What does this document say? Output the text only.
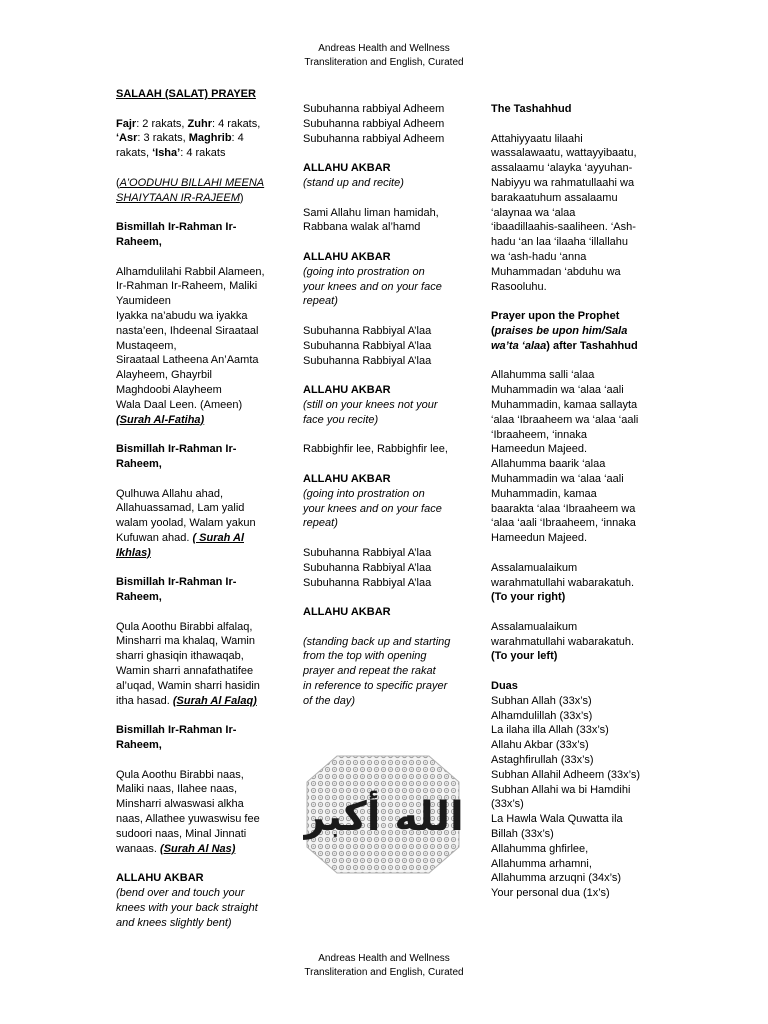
Andreas Health and Wellness
Transliteration and English, Curated
SALAAH (SALAT) PRAYER
Fajr: 2 rakats, Zuhr: 4 rakats,
‘Asr: 3 rakats, Maghrib: 4
rakats, ‘Isha’: 4 rakats
(A’OODUHU BILLAHI MEENA
SHAIYTAAN IR-RAJEEM)
Bismillah Ir-Rahman Ir-
Raheem,
Alhamdulilahi Rabbil Alameen,
Ir-Rahman Ir-Raheem, Maliki
Yaumideen
Iyakka na’abudu wa iyakka
nasta’een, Ihdeenal Siraataal
Mustaqeem,
Siraataal Latheena An’Aamta
Alayheem, Ghayrbil
Maghdoobi Alayheem
Wala Daal Leen. (Ameen)
(Surah Al-Fatiha)
Bismillah Ir-Rahman Ir-
Raheem,
Qulhuwa Allahu ahad,
Allahuassamad, Lam yalid
walam yoolad, Walam yakun
Kufuwan ahad. ( Surah Al
Ikhlas)
Bismillah Ir-Rahman Ir-
Raheem,
Qula Aoothu Birabbi alfalaq,
Minsharri ma khalaq, Wamin
sharri ghasiqin ithawaqab,
Wamin sharri annafathatifee
al’uqad, Wamin sharri hasidin
itha hasad. (Surah Al Falaq)
Bismillah Ir-Rahman Ir-
Raheem,
Qula Aoothu Birabbi naas,
Maliki naas, Ilahee naas,
Minsharri alwaswasi alkha
naas, Allathee yuwaswisu fee
sudoori naas, Minal Jinnati
wanaas. (Surah Al Nas)
ALLAHU AKBAR
(bend over and touch your
knees with your back straight
and knees slightly bent)
Subuhanna rabbiyal Adheem
Subuhanna rabbiyal Adheem
Subuhanna rabbiyal Adheem
ALLAHU AKBAR
(stand up and recite)
Sami Allahu liman hamidah,
Rabbana walak al’hamd
ALLAHU AKBAR
(going into prostration on
your knees and on your face
repeat)
Subuhanna Rabbiyal A’laa
Subuhanna Rabbiyal A’laa
Subuhanna Rabbiyal A’laa
ALLAHU AKBAR
(still on your knees not your
face you recite)
Rabbighfir lee, Rabbighfir lee,
ALLAHU AKBAR
(going into prostration on
your knees and on your face
repeat)
Subuhanna Rabbiyal A’laa
Subuhanna Rabbiyal A’laa
Subuhanna Rabbiyal A’laa
ALLAHU AKBAR
(standing back up and starting
from the top with opening
prayer and repeat the rakat
in reference to specific prayer
of the day)
الله أكبر
The Tashahhud
Attahiyyaatu lilaahi
wassalawaatu, wattayyibaatu,
assalaamu ‘alayka ‘ayyuhan-
Nabiyyu wa rahmatullaahi wa
barakaatuhum assalaamu
‘alaynaa wa ‘alaa
‘ibaadillaahis-saaliheen. ‘Ash-
hadu ‘an laa ‘ilaaha ‘illallahu
wa ‘ash-hadu ‘anna
Muhammadan ‘abduhu wa
Rasooluhu.
Prayer upon the Prophet
(praises be upon him/Sala
wa’ta ‘alaa) after Tashahhud
Allahumma salli ‘alaa
Muhammadin wa ‘alaa ‘aali
Muhammadin, kamaa sallayta
‘alaa ‘Ibraaheem wa ‘alaa ‘aali
‘Ibraaheem, ‘innaka
Hameedun Majeed.
Allahumma baarik ‘alaa
Muhammadin wa ‘alaa ‘aali
Muhammadin, kamaa
baarakta ‘alaa ‘Ibraaheem wa
‘alaa ‘aali ‘Ibraaheem, ‘innaka
Hameedun Majeed.
Assalamualaikum
warahmatullahi wabarakatuh.
(To your right)
Assalamualaikum
warahmatullahi wabarakatuh.
(To your left)
Duas
Subhan Allah (33x’s)
Alhamdulillah (33x’s)
La ilaha illa Allah (33x’s)
Allahu Akbar (33x’s)
Astaghfirullah (33x’s)
Subhan Allahil Adheem (33x’s)
Subhan Allahi wa bi Hamdihi
(33x’s)
La Hawla Wala Quwatta ila
Billah (33x’s)
Allahumma ghfirlee,
Allahumma arhamni,
Allahumma arzuqni (34x’s)
Your personal dua (1x’s)
Andreas Health and Wellness
Transliteration and English, Curated
